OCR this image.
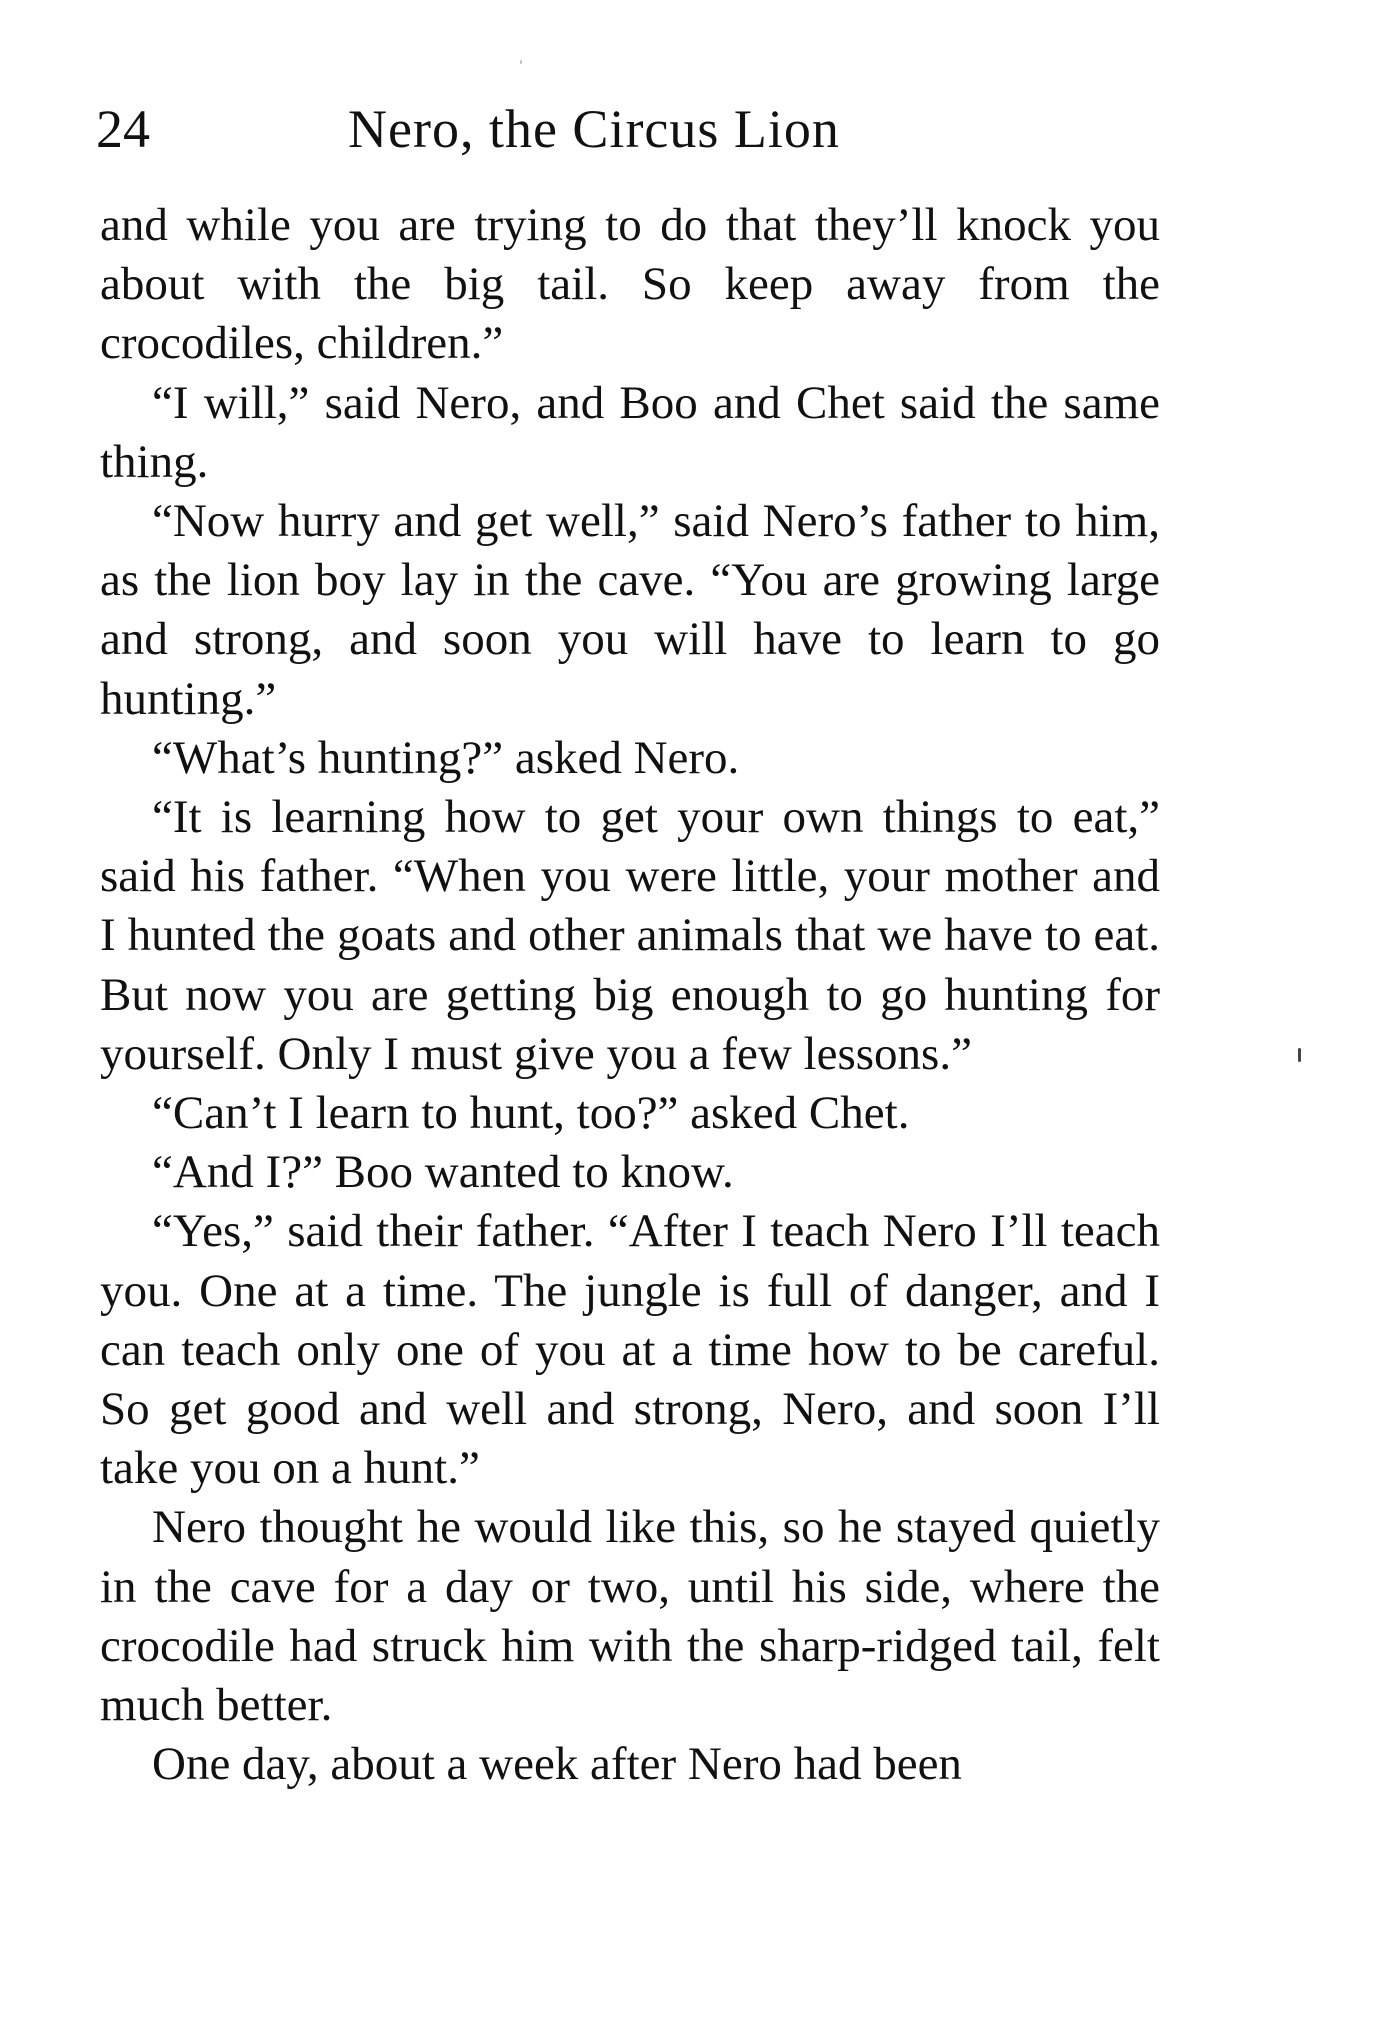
24	Nero, the Circus Lion

and while you are trying to do that they’ll knock you about with the big tail. So keep away from the crocodiles, children.”

“I will,” said Nero, and Boo and Chet said the same thing.

“Now hurry and get well,” said Nero’s father to him, as the lion boy lay in the cave. “You are growing large and strong, and soon you will have to learn to go hunting.”

“What’s hunting?” asked Nero.

“It is learning how to get your own things to eat,” said his father. “When you were little, your mother and I hunted the goats and other animals that we have to eat. But now you are getting big enough to go hunting for yourself. Only I must give you a few lessons.”

“Can’t I learn to hunt, too?” asked Chet.

“And I?” Boo wanted to know.

“Yes,” said their father. “After I teach Nero I’ll teach you. One at a time. The jungle is full of danger, and I can teach only one of you at a time how to be careful. So get good and well and strong, Nero, and soon I’ll take you on a hunt.”

Nero thought he would like this, so he stayed quietly in the cave for a day or two, until his side, where the crocodile had struck him with the sharp-ridged tail, felt much better.

One day, about a week after Nero had been
